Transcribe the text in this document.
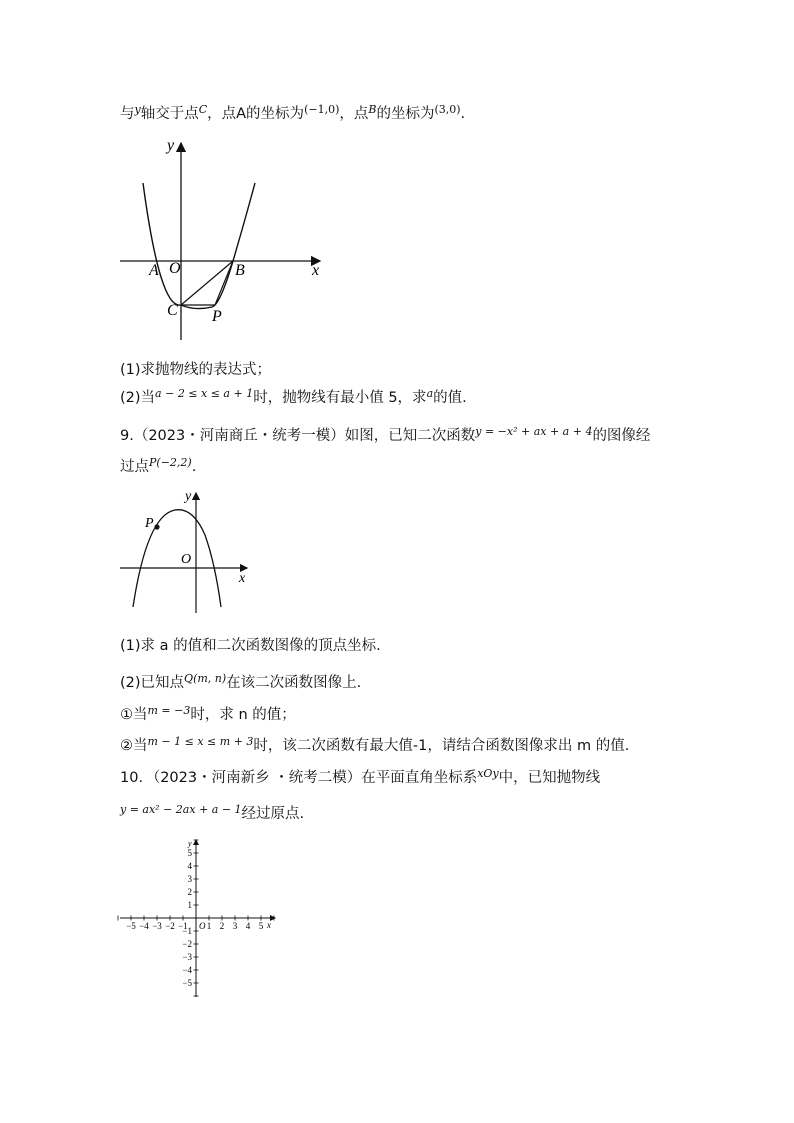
与$^y$轴交于点$^C$，点A的坐标为$^{(-1,0)}$，点$^B$的坐标为$^{(3,0)}$.
y
x
A O	B
C P
(1)求抛物线的表达式；
(2)当$^{a - 2 \le x \le a + 1}$时，抛物线有最小值 5，求$^a$的值.
9.（2023・河南商丘・统考一模）如图，已知二次函数$^{y = -x^2 + ax + a + 4}$的图像经
过点$^{P(-2,2)}$.
y
x
P
O
(1)求 a 的值和二次函数图像的顶点坐标.
(2)已知点$^{Q(m, n)}$在该二次函数图像上.
①当$^{m = -3}$时，求 n 的值；
②当$^{m - 1 \le x \le m + 3}$时，该二次函数有最大值-1，请结合函数图像求出 m 的值.
10．（2023・河南新乡 ・统考二模）在平面直角坐标系$^{xOy}$中，已知抛物线
$^{y = ax^2 - 2ax + a - 1}$经过原点.
y
x
O 1 2 3 4 5
−5 −4 −3 −2 −1
5
4
3
2
1
−1
−2
−3
−4
−5
